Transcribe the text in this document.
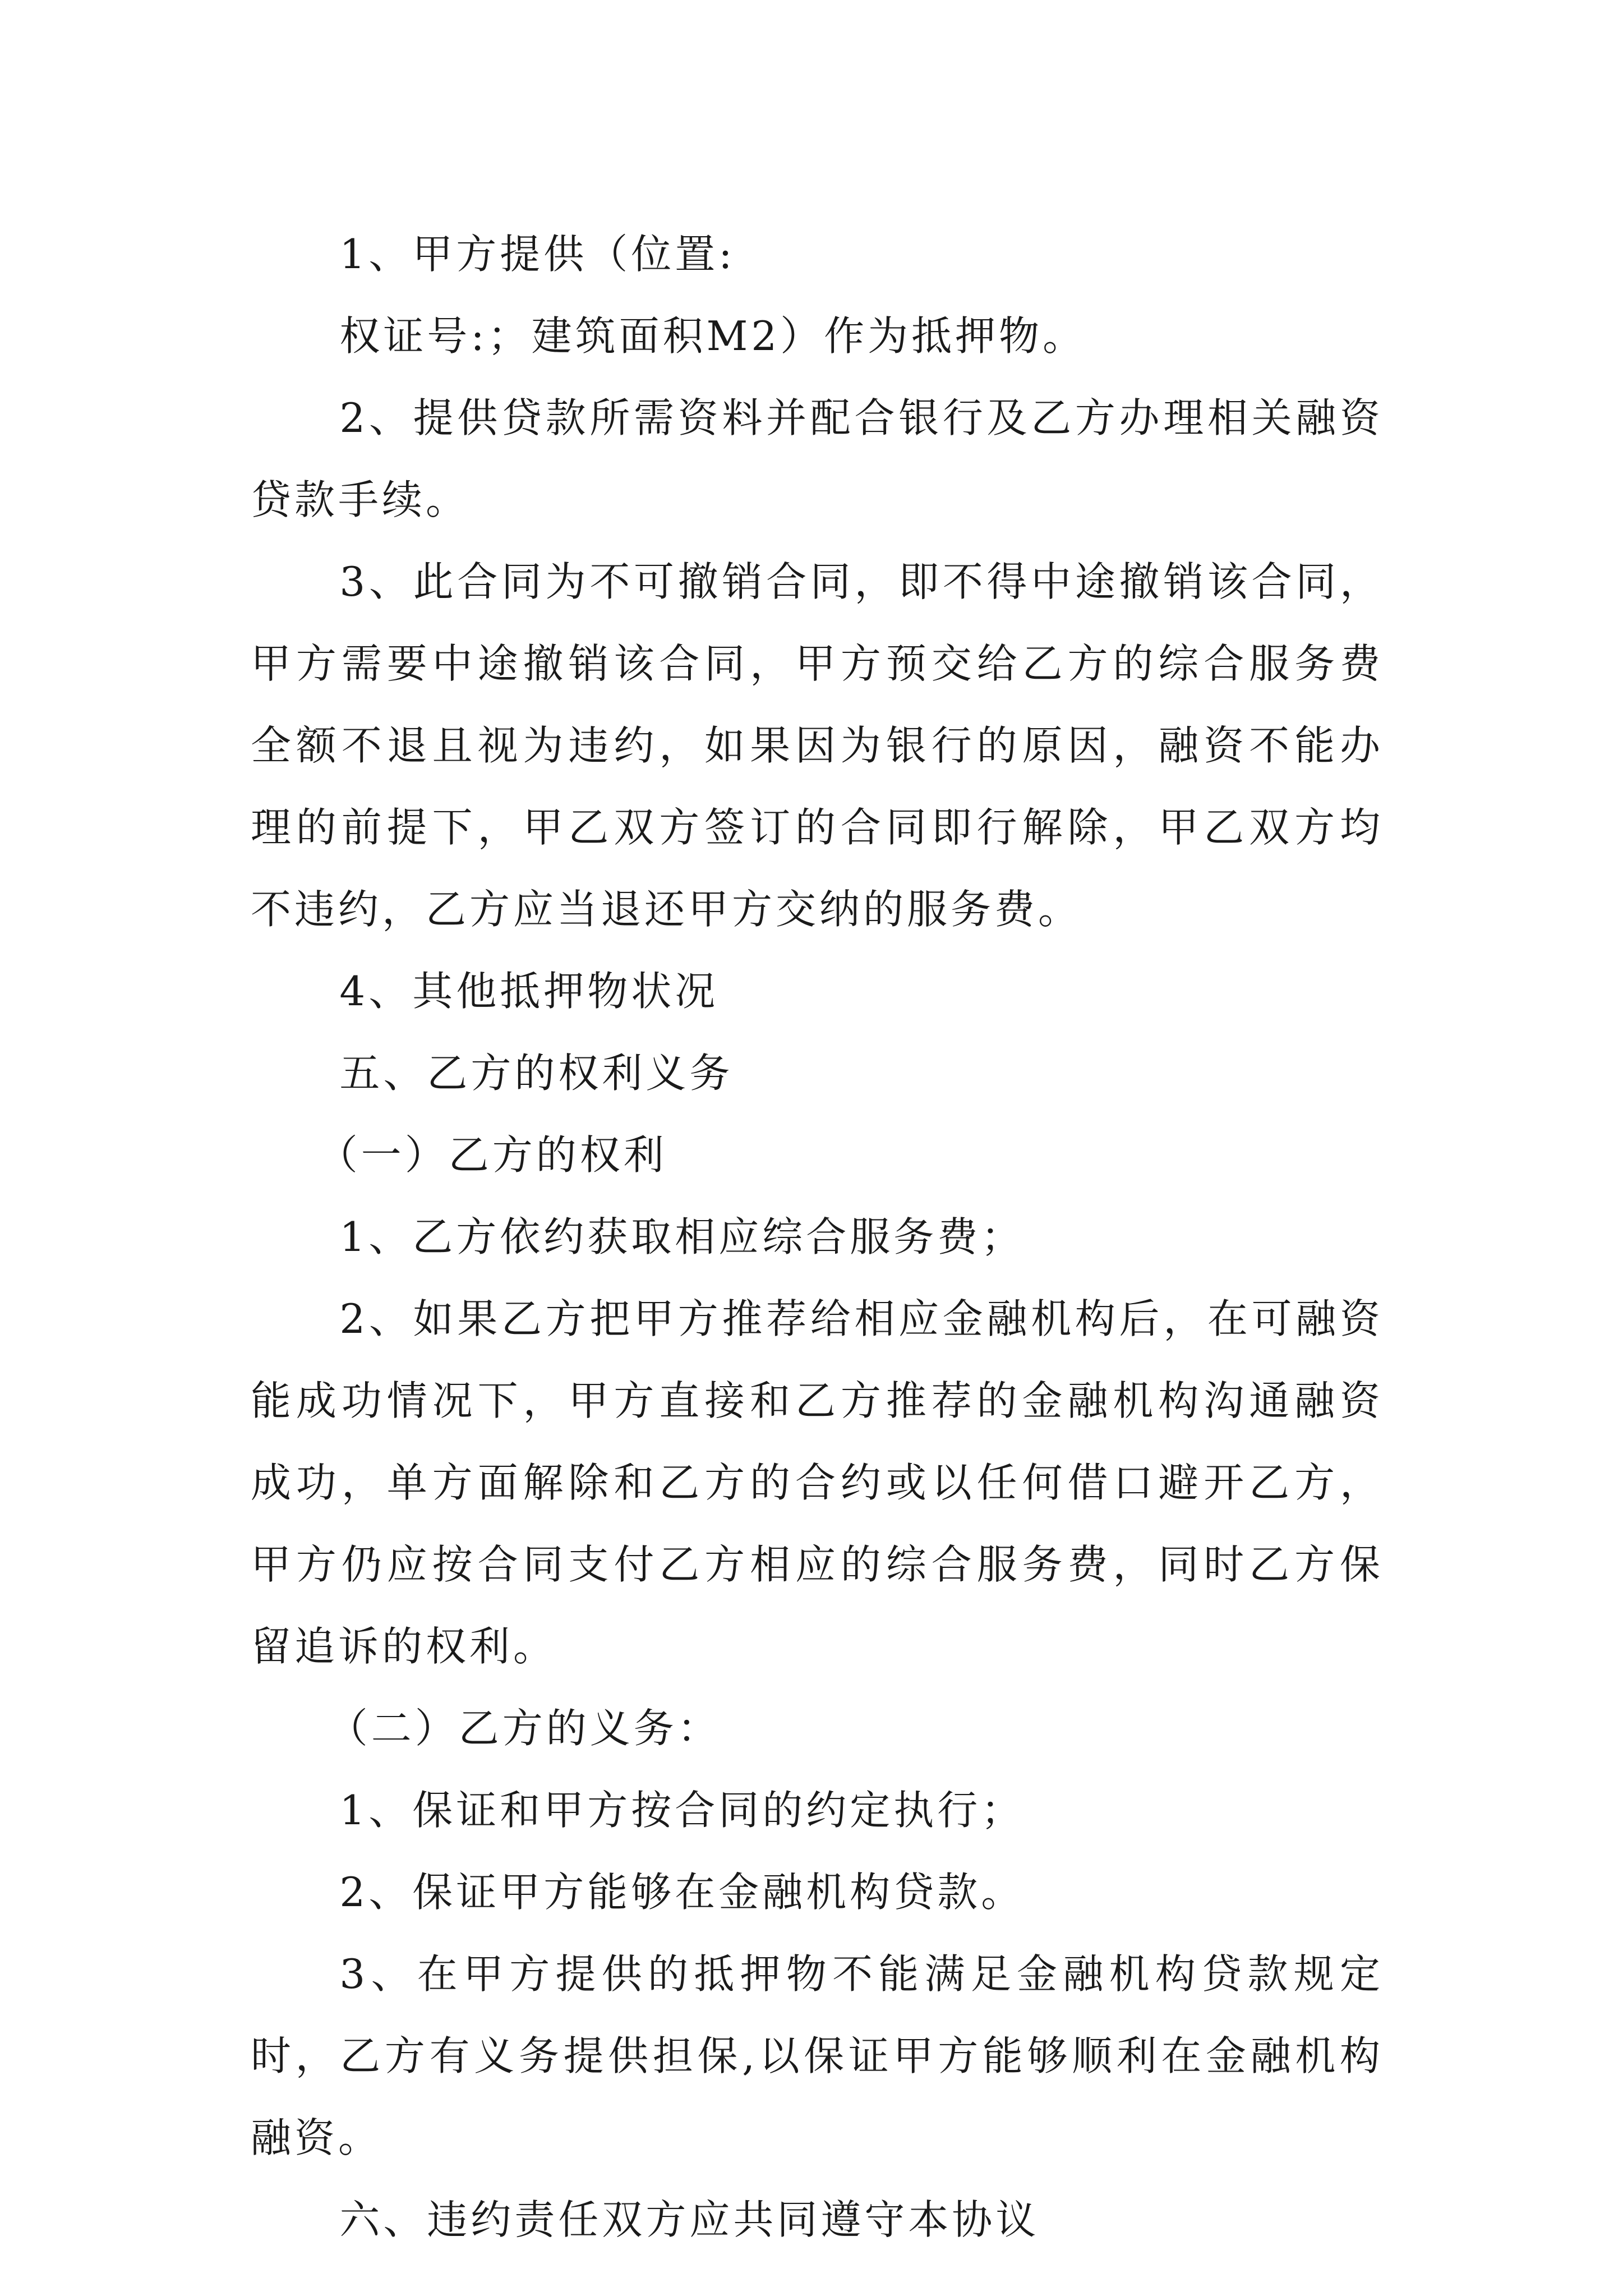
1、甲方提供（位置:

权证号:；建筑面积M2）作为抵押物。

2、提供贷款所需资料并配合银行及乙方办理相关融资贷款手续。

3、此合同为不可撤销合同，即不得中途撤销该合同，甲方需要中途撤销该合同，甲方预交给乙方的综合服务费全额不退且视为违约，如果因为银行的原因，融资不能办理的前提下，甲乙双方签订的合同即行解除，甲乙双方均不违约，乙方应当退还甲方交纳的服务费。

4、其他抵押物状况

五、乙方的权利义务

（一）乙方的权利

1、乙方依约获取相应综合服务费；

2、如果乙方把甲方推荐给相应金融机构后，在可融资能成功情况下，甲方直接和乙方推荐的金融机构沟通融资成功，单方面解除和乙方的合约或以任何借口避开乙方，甲方仍应按合同支付乙方相应的综合服务费，同时乙方保留追诉的权利。

（二）乙方的义务：

1、保证和甲方按合同的约定执行；

2、保证甲方能够在金融机构贷款。

3、在甲方提供的抵押物不能满足金融机构贷款规定时，乙方有义务提供担保,以保证甲方能够顺利在金融机构融资。

六、违约责任双方应共同遵守本协议
